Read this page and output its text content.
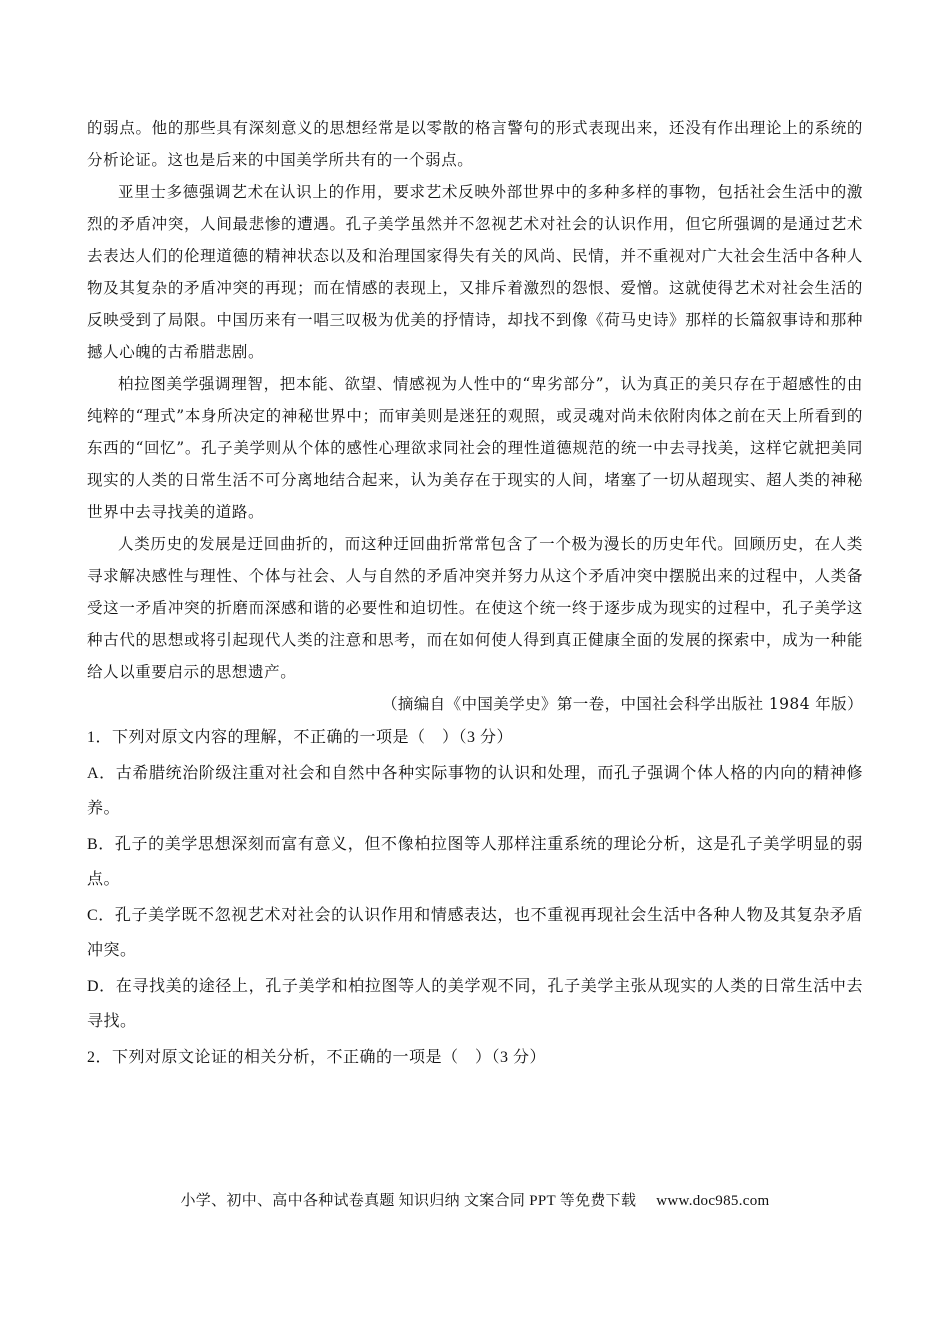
的弱点。他的那些具有深刻意义的思想经常是以零散的格言警句的形式表现出来，还没有作出理论上的系统的分析论证。这也是后来的中国美学所共有的一个弱点。

亚里士多德强调艺术在认识上的作用，要求艺术反映外部世界中的多种多样的事物，包括社会生活中的激烈的矛盾冲突，人间最悲惨的遭遇。孔子美学虽然并不忽视艺术对社会的认识作用，但它所强调的是通过艺术去表达人们的伦理道德的精神状态以及和治理国家得失有关的风尚、民情，并不重视对广大社会生活中各种人物及其复杂的矛盾冲突的再现；而在情感的表现上，又排斥着激烈的怨恨、爱憎。这就使得艺术对社会生活的反映受到了局限。中国历来有一唱三叹极为优美的抒情诗，却找不到像《荷马史诗》那样的长篇叙事诗和那种撼人心魄的古希腊悲剧。

柏拉图美学强调理智，把本能、欲望、情感视为人性中的“卑劣部分”，认为真正的美只存在于超感性的由纯粹的“理式”本身所决定的神秘世界中；而审美则是迷狂的观照，或灵魂对尚未依附肉体之前在天上所看到的东西的“回忆”。孔子美学则从个体的感性心理欲求同社会的理性道德规范的统一中去寻找美，这样它就把美同现实的人类的日常生活不可分离地结合起来，认为美存在于现实的人间，堵塞了一切从超现实、超人类的神秘世界中去寻找美的道路。

人类历史的发展是迂回曲折的，而这种迂回曲折常常包含了一个极为漫长的历史年代。回顾历史，在人类寻求解决感性与理性、个体与社会、人与自然的矛盾冲突并努力从这个矛盾冲突中摆脱出来的过程中，人类备受这一矛盾冲突的折磨而深感和谐的必要性和迫切性。在使这个统一终于逐步成为现实的过程中，孔子美学这种古代的思想或将引起现代人类的注意和思考，而在如何使人得到真正健康全面的发展的探索中，成为一种能给人以重要启示的思想遗产。

（摘编自《中国美学史》第一卷，中国社会科学出版社 1984 年版）

1．下列对原文内容的理解，不正确的一项是（　）（3 分）

A．古希腊统治阶级注重对社会和自然中各种实际事物的认识和处理，而孔子强调个体人格的内向的精神修养。

B．孔子的美学思想深刻而富有意义，但不像柏拉图等人那样注重系统的理论分析，这是孔子美学明显的弱点。

C．孔子美学既不忽视艺术对社会的认识作用和情感表达，也不重视再现社会生活中各种人物及其复杂矛盾冲突。

D．在寻找美的途径上，孔子美学和柏拉图等人的美学观不同，孔子美学主张从现实的人类的日常生活中去寻找。

2．下列对原文论证的相关分析，不正确的一项是（　）（3 分）

小学、初中、高中各种试卷真题 知识归纳 文案合同 PPT 等免费下载 www.doc985.com
